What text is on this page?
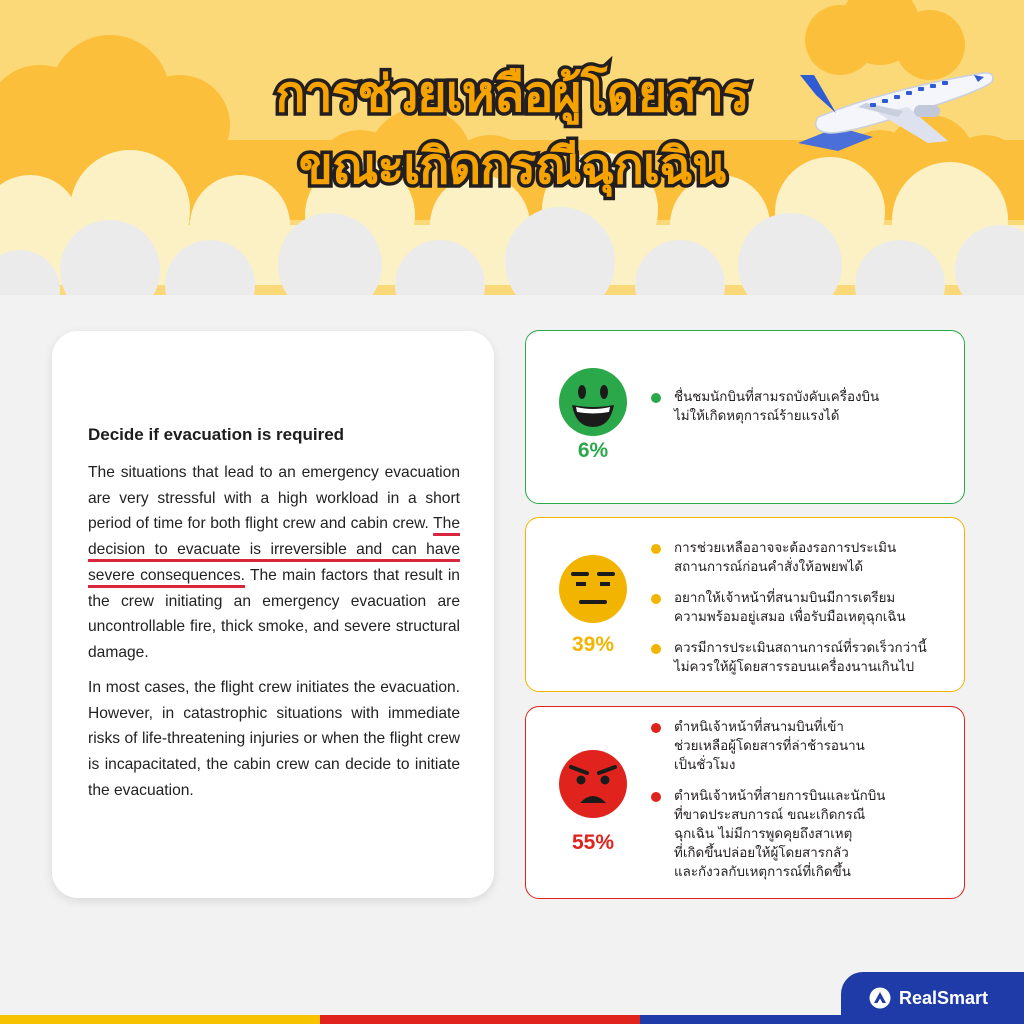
การช่วยเหลือผู้โดยสาร
ขณะเกิดกรณีฉุกเฉิน
Decide if evacuation is required

The situations that lead to an emergency evacuation are very stressful with a high workload in a short period of time for both flight crew and cabin crew. The decision to evacuate is irreversible and can have severe consequences. The main factors that result in the crew initiating an emergency evacuation are uncontrollable fire, thick smoke, and severe structural damage.

In most cases, the flight crew initiates the evacuation. However, in catastrophic situations with immediate risks of life-threatening injuries or when the flight crew is incapacitated, the cabin crew can decide to initiate the evacuation.

6%
ชื่นชมนักบินที่สามรถบังคับเครื่องบิน
ไม่ให้เกิดหตุการณ์ร้ายแรงได้
39%
การช่วยเหลืออาจจะต้องรอการประเมิน
สถานการณ์ก่อนคำสั่งให้อพยพได้
อยากให้เจ้าหน้าที่สนามบินมีการเตรียม
ความพร้อมอยู่เสมอ เพื่อรับมือเหตุฉุกเฉิน
ควรมีการประเมินสถานการณ์ที่รวดเร็วกว่านี้
ไม่ควรให้ผู้โดยสารรอบนเครื่องนานเกินไป
55%
ตำหนิเจ้าหน้าที่สนามบินที่เข้า
ช่วยเหลือผู้โดยสารที่ล่าช้ารอนาน
เป็นชั่วโมง
ตำหนิเจ้าหน้าที่สายการบินและนักบิน
ที่ขาดประสบการณ์ ขณะเกิดกรณี
ฉุกเฉิน ไม่มีการพูดคุยถึงสาเหตุ
ที่เกิดขึ้นปล่อยให้ผู้โดยสารกลัว
และกังวลกับเหตุการณ์ที่เกิดขึ้น
RealSmart
